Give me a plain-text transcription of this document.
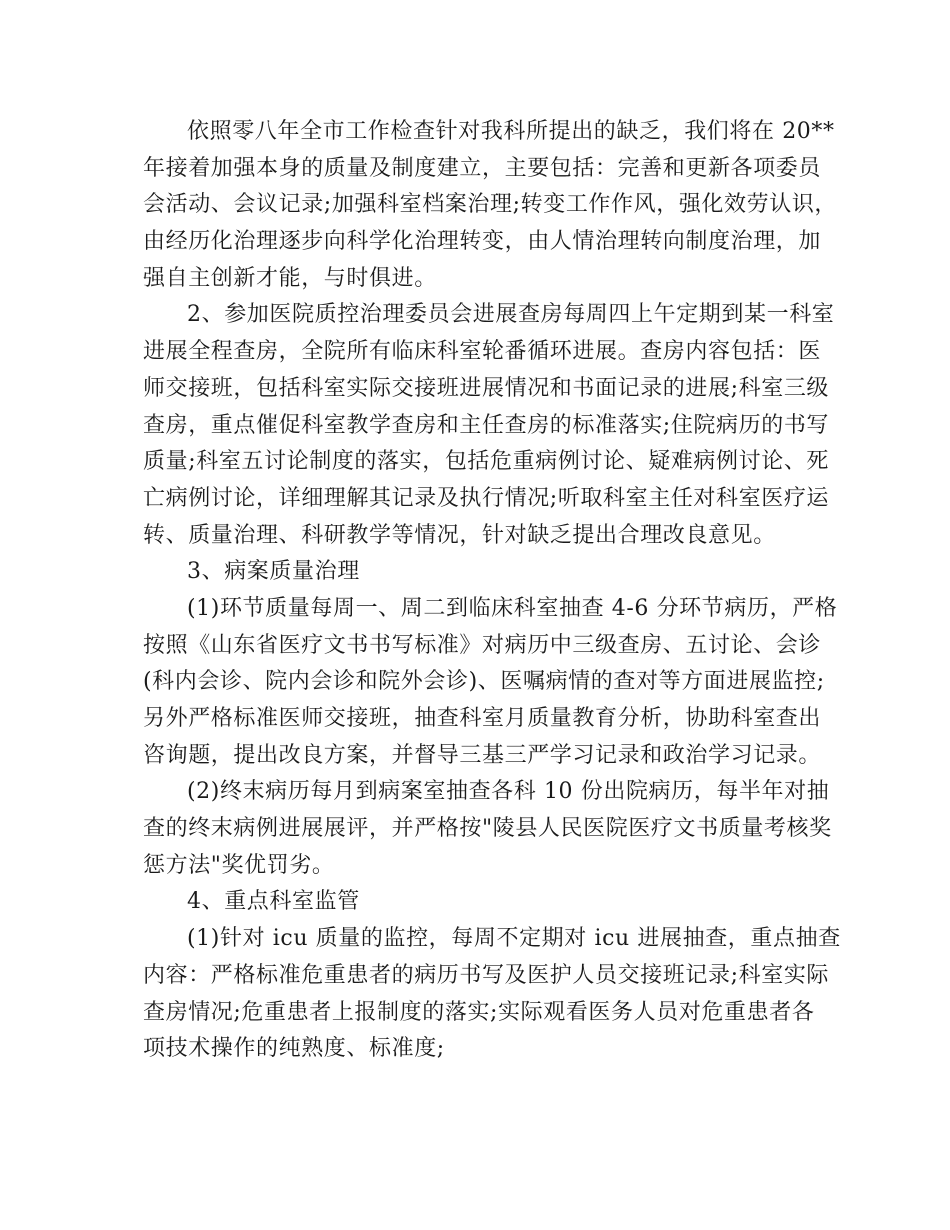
依照零八年全市工作检查针对我科所提出的缺乏，我们将在 20**
年接着加强本身的质量及制度建立，主要包括：完善和更新各项委员
会活动、会议记录;加强科室档案治理;转变工作作风，强化效劳认识，
由经历化治理逐步向科学化治理转变，由人情治理转向制度治理，加
强自主创新才能，与时俱进。
2、参加医院质控治理委员会进展查房每周四上午定期到某一科室
进展全程查房，全院所有临床科室轮番循环进展。查房内容包括：医
师交接班，包括科室实际交接班进展情况和书面记录的进展;科室三级
查房，重点催促科室教学查房和主任查房的标准落实;住院病历的书写
质量;科室五讨论制度的落实，包括危重病例讨论、疑难病例讨论、死
亡病例讨论，详细理解其记录及执行情况;听取科室主任对科室医疗运
转、质量治理、科研教学等情况，针对缺乏提出合理改良意见。
3、病案质量治理
(1)环节质量每周一、周二到临床科室抽查 4-6 分环节病历，严格
按照《山东省医疗文书书写标准》对病历中三级查房、五讨论、会诊
(科内会诊、院内会诊和院外会诊)、医嘱病情的查对等方面进展监控;
另外严格标准医师交接班，抽查科室月质量教育分析，协助科室查出
咨询题，提出改良方案，并督导三基三严学习记录和政治学习记录。
(2)终末病历每月到病案室抽查各科 10 份出院病历，每半年对抽
查的终末病例进展展评，并严格按"陵县人民医院医疗文书质量考核奖
惩方法"奖优罚劣。
4、重点科室监管
(1)针对 icu 质量的监控，每周不定期对 icu 进展抽查，重点抽查
内容：严格标准危重患者的病历书写及医护人员交接班记录;科室实际
查房情况;危重患者上报制度的落实;实际观看医务人员对危重患者各
项技术操作的纯熟度、标准度;
